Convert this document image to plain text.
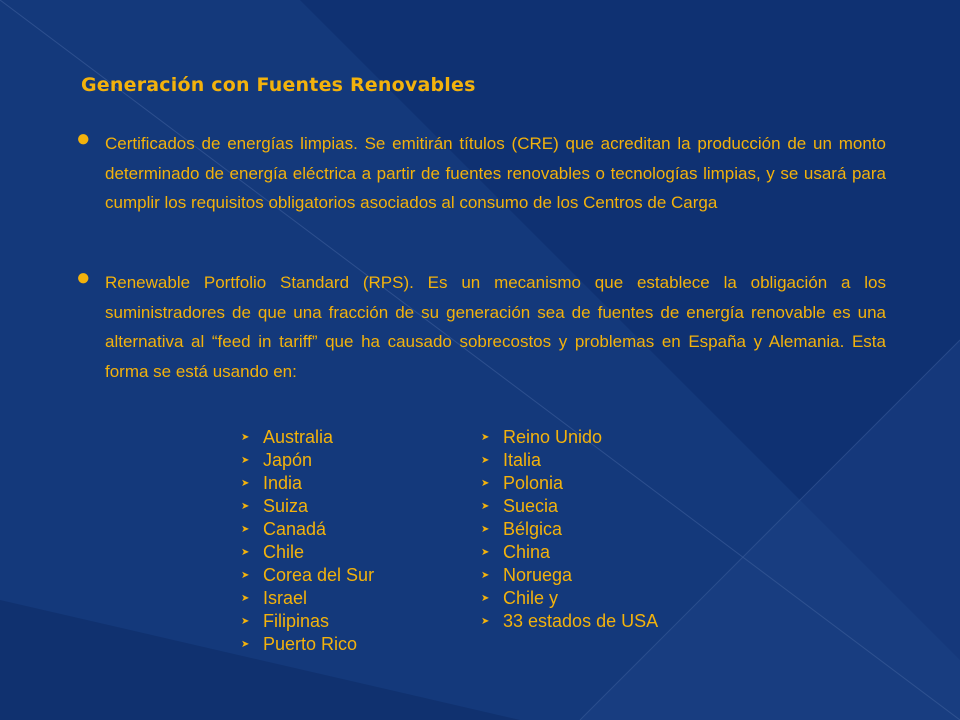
Generación con Fuentes Renovables
● Certificados de energías limpias. Se emitirán títulos (CRE) que acreditan la producción de un monto determinado de energía eléctrica a partir de fuentes renovables o tecnologías limpias, y se usará para cumplir los requisitos obligatorios asociados al consumo de los Centros de Carga

● Renewable Portfolio Standard (RPS). Es un mecanismo que establece la obligación a los suministradores de que una fracción de su generación sea de fuentes de energía renovable es una alternativa al “feed in tariff” que ha causado sobrecostos y problemas en España y Alemania. Esta forma se está usando en:

➤ Australia
➤ Japón
➤ India
➤ Suiza
➤ Canadá
➤ Chile
➤ Corea del Sur
➤ Israel
➤ Filipinas
➤ Puerto Rico
➤ Reino Unido
➤ Italia
➤ Polonia
➤ Suecia
➤ Bélgica
➤ China
➤ Noruega
➤ Chile y
➤ 33 estados de USA
